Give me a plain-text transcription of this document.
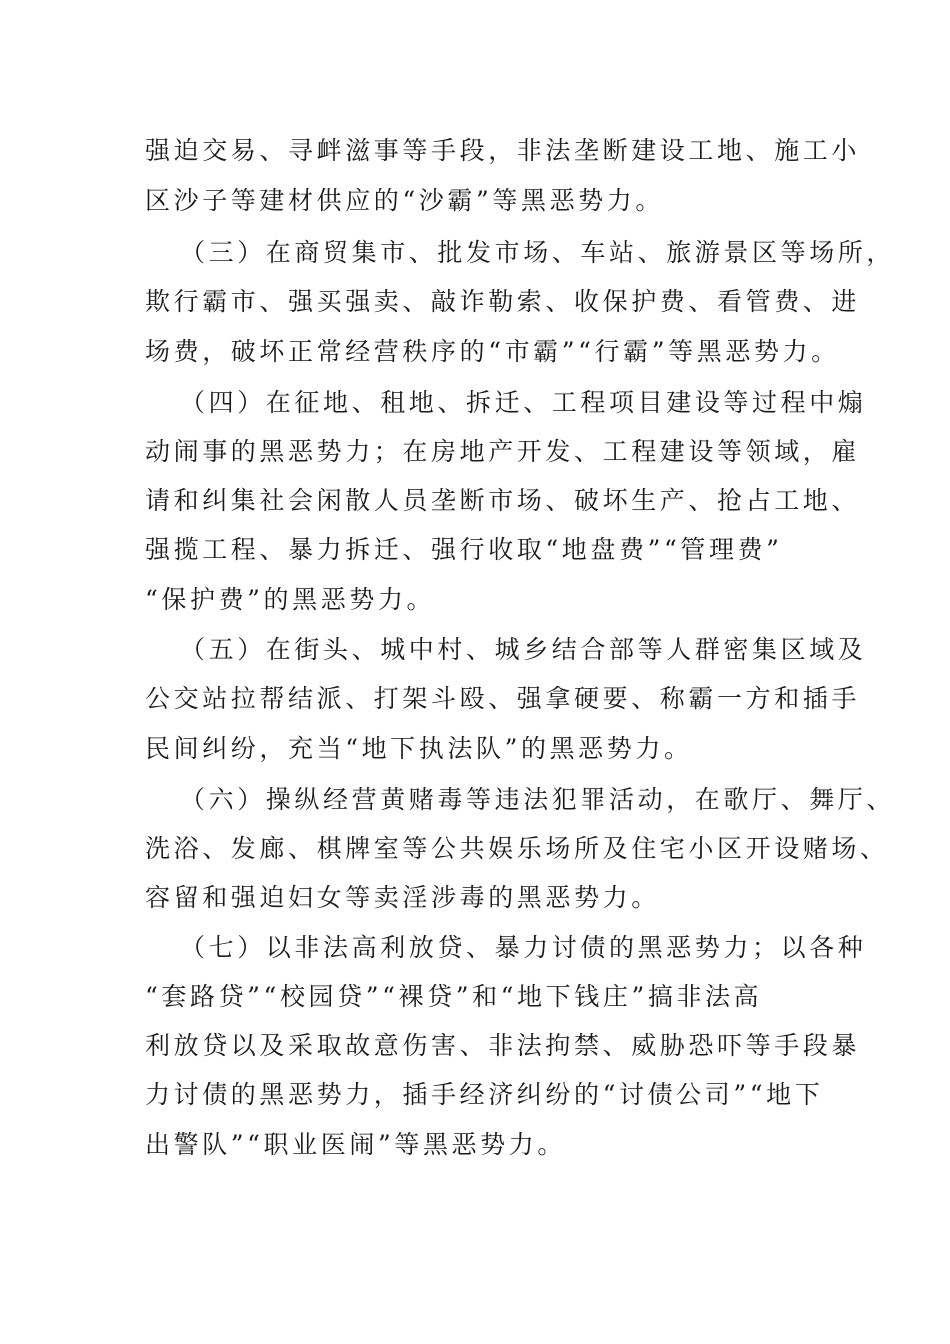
强迫交易、寻衅滋事等手段，非法垄断建设工地、施工小
区沙子等建材供应的“沙霸”等黑恶势力。
（三）在商贸集市、批发市场、车站、旅游景区等场所，
欺行霸市、强买强卖、敲诈勒索、收保护费、看管费、进
场费，破坏正常经营秩序的“市霸”“行霸”等黑恶势力。
（四）在征地、租地、拆迁、工程项目建设等过程中煽
动闹事的黑恶势力；在房地产开发、工程建设等领域，雇
请和纠集社会闲散人员垄断市场、破坏生产、抢占工地、
强揽工程、暴力拆迁、强行收取“地盘费”“管理费”
“保护费”的黑恶势力。
（五）在街头、城中村、城乡结合部等人群密集区域及
公交站拉帮结派、打架斗殴、强拿硬要、称霸一方和插手
民间纠纷，充当“地下执法队”的黑恶势力。
（六）操纵经营黄赌毒等违法犯罪活动，在歌厅、舞厅、
洗浴、发廊、棋牌室等公共娱乐场所及住宅小区开设赌场、
容留和强迫妇女等卖淫涉毒的黑恶势力。
（七）以非法高利放贷、暴力讨债的黑恶势力；以各种
“套路贷”“校园贷”“裸贷”和“地下钱庄”搞非法高
利放贷以及采取故意伤害、非法拘禁、威胁恐吓等手段暴
力讨债的黑恶势力，插手经济纠纷的“讨债公司”“地下
出警队”“职业医闹”等黑恶势力。
